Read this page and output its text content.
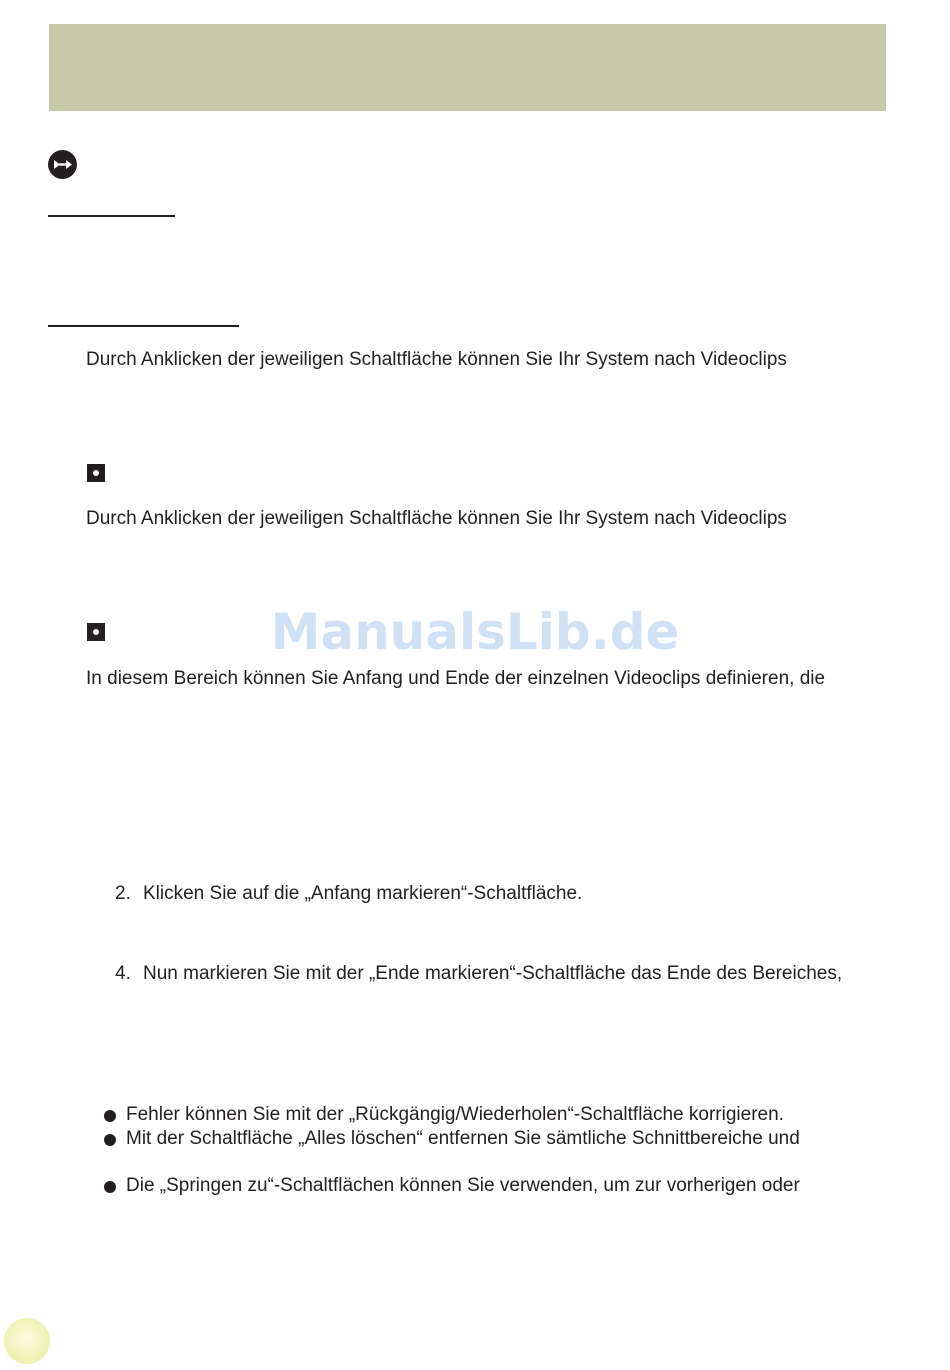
Durch Anklicken der jeweiligen Schaltfläche können Sie Ihr System nach Videoclips
Durch Anklicken der jeweiligen Schaltfläche können Sie Ihr System nach Videoclips
ManualsLib.de
In diesem Bereich können Sie Anfang und Ende der einzelnen Videoclips definieren, die
2. Klicken Sie auf die „Anfang markieren“-Schaltfläche.
4. Nun markieren Sie mit der „Ende markieren“-Schaltfläche das Ende des Bereiches,
Fehler können Sie mit der „Rückgängig/Wiederholen“-Schaltfläche korrigieren.
Mit der Schaltfläche „Alles löschen“ entfernen Sie sämtliche Schnittbereiche und
Die „Springen zu“-Schaltflächen können Sie verwenden, um zur vorherigen oder
